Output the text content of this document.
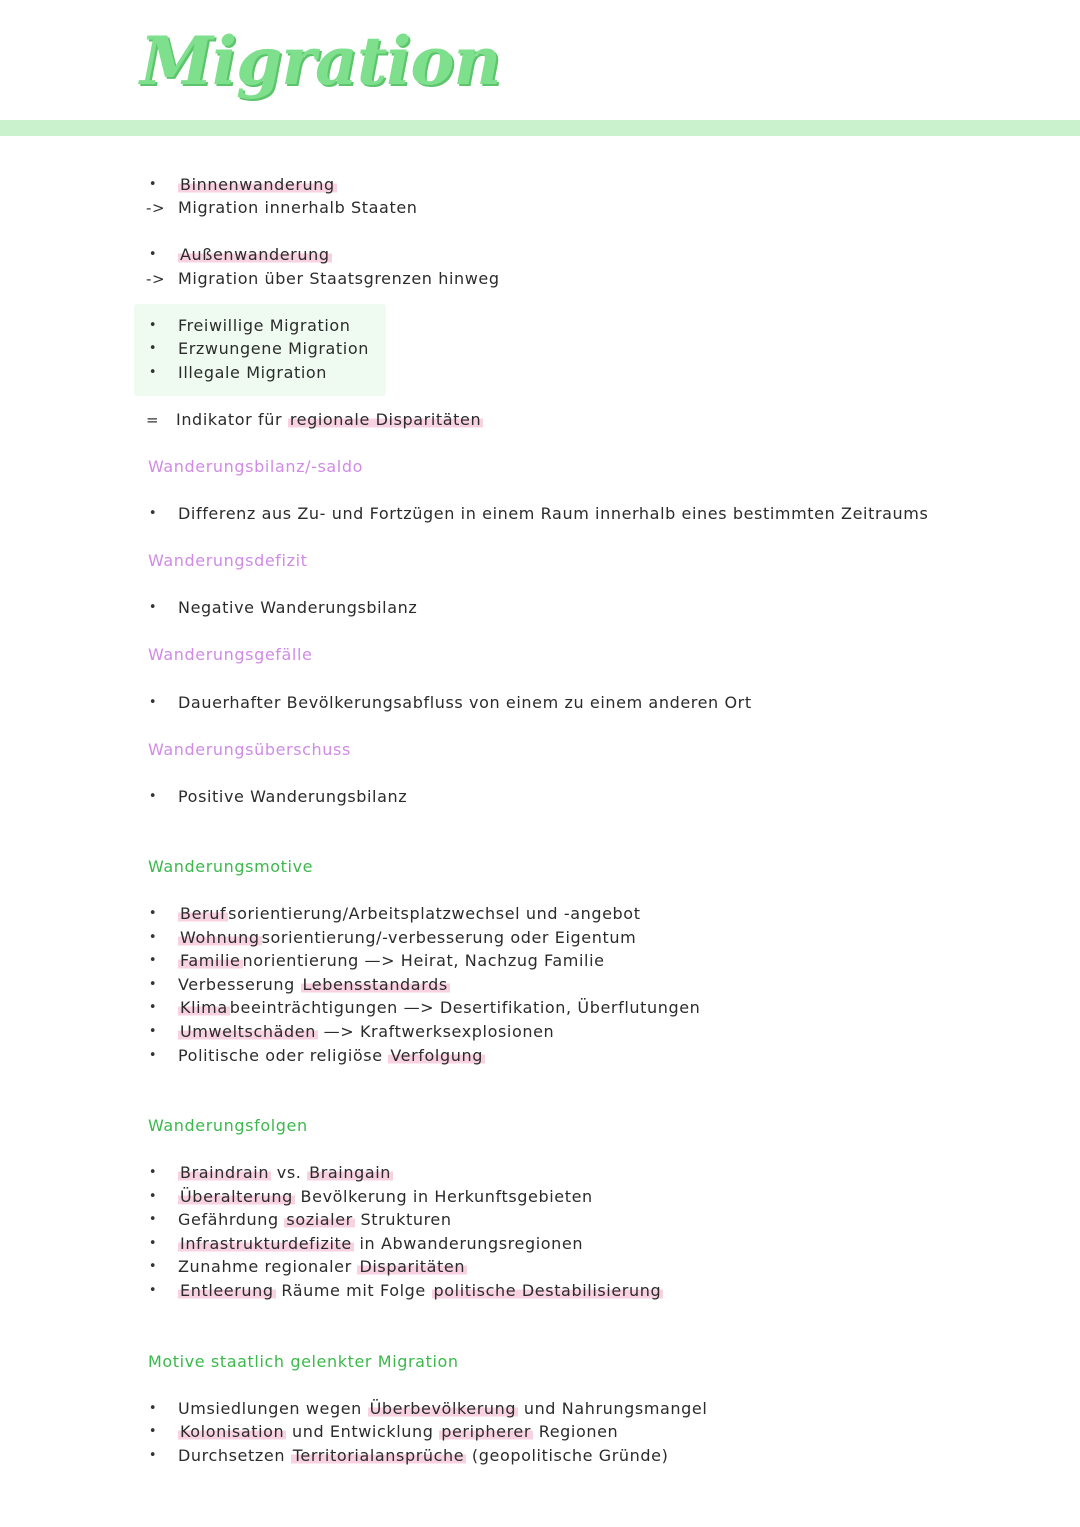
Migration
• Binnenwanderung
-> Migration innerhalb Staaten
• Außenwanderung
-> Migration über Staatsgrenzen hinweg
• Freiwillige Migration
• Erzwungene Migration
• Illegale Migration
= Indikator für regionale Disparitäten
Wanderungsbilanz/-saldo
• Differenz aus Zu- und Fortzügen in einem Raum innerhalb eines bestimmten Zeitraums
Wanderungsdefizit
• Negative Wanderungsbilanz
Wanderungsgefälle
• Dauerhafter Bevölkerungsabfluss von einem zu einem anderen Ort
Wanderungsüberschuss
• Positive Wanderungsbilanz
Wanderungsmotive
• Beruf sorientierung/Arbeitsplatzwechsel und -angebot
• Wohnung sorientierung/-verbesserung oder Eigentum
• Familie norientierung —> Heirat, Nachzug Familie
• Verbesserung Lebensstandards
• Klima beeinträchtigungen —> Desertifikation, Überflutungen
• Umweltschäden —> Kraftwerksexplosionen
• Politische oder religiöse Verfolgung
Wanderungsfolgen
• Braindrain vs. Braingain
• Überalterung Bevölkerung in Herkunftsgebieten
• Gefährdung sozialer Strukturen
• Infrastrukturdefizite in Abwanderungsregionen
• Zunahme regionaler Disparitäten
• Entleerung Räume mit Folge politische Destabilisierung
Motive staatlich gelenkter Migration
• Umsiedlungen wegen Überbevölkerung und Nahrungsmangel
• Kolonisation und Entwicklung peripherer Regionen
• Durchsetzen Territorialansprüche (geopolitische Gründe)
